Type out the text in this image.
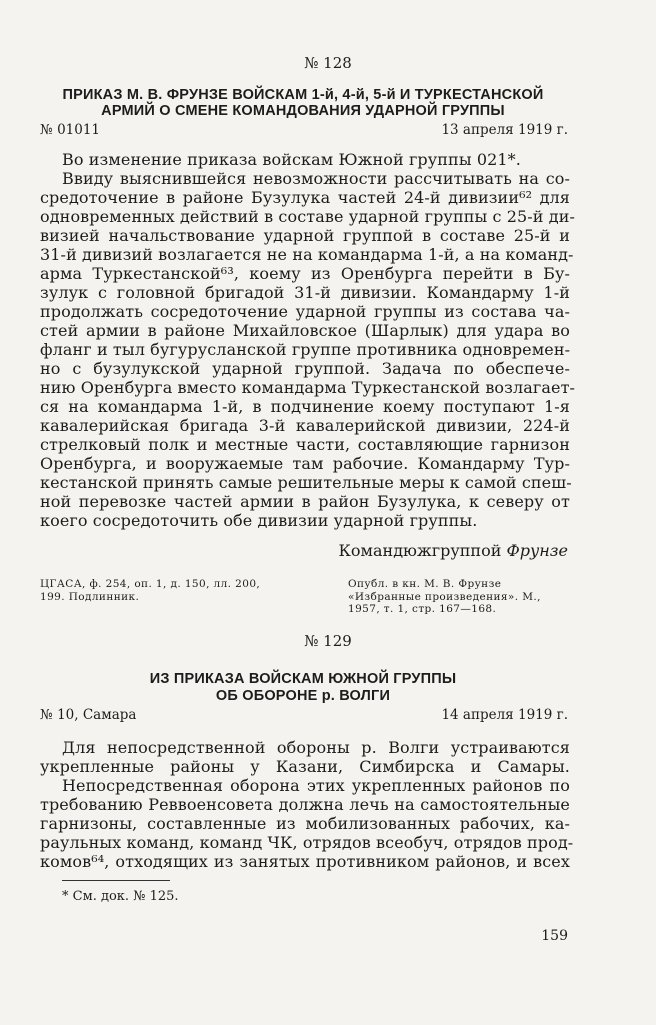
№ 128
ПРИКАЗ М. В. ФРУНЗЕ ВОЙСКАМ 1-й, 4-й, 5-й И ТУРКЕСТАНСКОЙ
АРМИЙ О СМЕНЕ КОМАНДОВАНИЯ УДАРНОЙ ГРУППЫ
№ 01011	13 апреля 1919 г.
Во изменение приказа войскам Южной группы 021*.
Ввиду выяснившейся невозможности рассчитывать на со-
средоточение в районе Бузулука частей 24-й дивизии⁶² для
одновременных действий в составе ударной группы с 25-й ди-
визией начальствование ударной группой в составе 25-й и
31-й дивизий возлагается не на командарма 1-й, а на команд-
арма Туркестанской⁶³, коему из Оренбурга перейти в Бу-
зулук с головной бригадой 31-й дивизии. Командарму 1-й
продолжать сосредоточение ударной группы из состава ча-
стей армии в районе Михайловское (Шарлык) для удара во
фланг и тыл бугурусланской группе противника одновремен-
но с бузулукской ударной группой. Задача по обеспече-
нию Оренбурга вместо командарма Туркестанской возлагает-
ся на командарма 1-й, в подчинение коему поступают 1-я
кавалерийская бригада 3-й кавалерийской дивизии, 224-й
стрелковый полк и местные части, составляющие гарнизон
Оренбурга, и вооружаемые там рабочие. Командарму Тур-
кестанской принять самые решительные меры к самой спеш-
ной перевозке частей армии в район Бузулука, к северу от
коего сосредоточить обе дивизии ударной группы.
Командюжгруппой Фрунзе
ЦГАСА, ф. 254, оп. 1, д. 150, лл. 200, 199. Подлинник.
Опубл. в кн. М. В. Фрунзе «Избранные произведения». М., 1957, т. 1, стр. 167—168.
№ 129
ИЗ ПРИКАЗА ВОЙСКАМ ЮЖНОЙ ГРУППЫ
ОБ ОБОРОНЕ р. ВОЛГИ
№ 10, Самара	14 апреля 1919 г.
Для непосредственной обороны р. Волги устраиваются
укрепленные районы у Казани, Симбирска и Самары.
Непосредственная оборона этих укрепленных районов по
требованию Реввоенсовета должна лечь на самостоятельные
гарнизоны, составленные из мобилизованных рабочих, ка-
раульных команд, команд ЧК, отрядов всеобуч, отрядов прод-
комов⁶⁴, отходящих из занятых противником районов, и всех
* См. док. № 125.
159
